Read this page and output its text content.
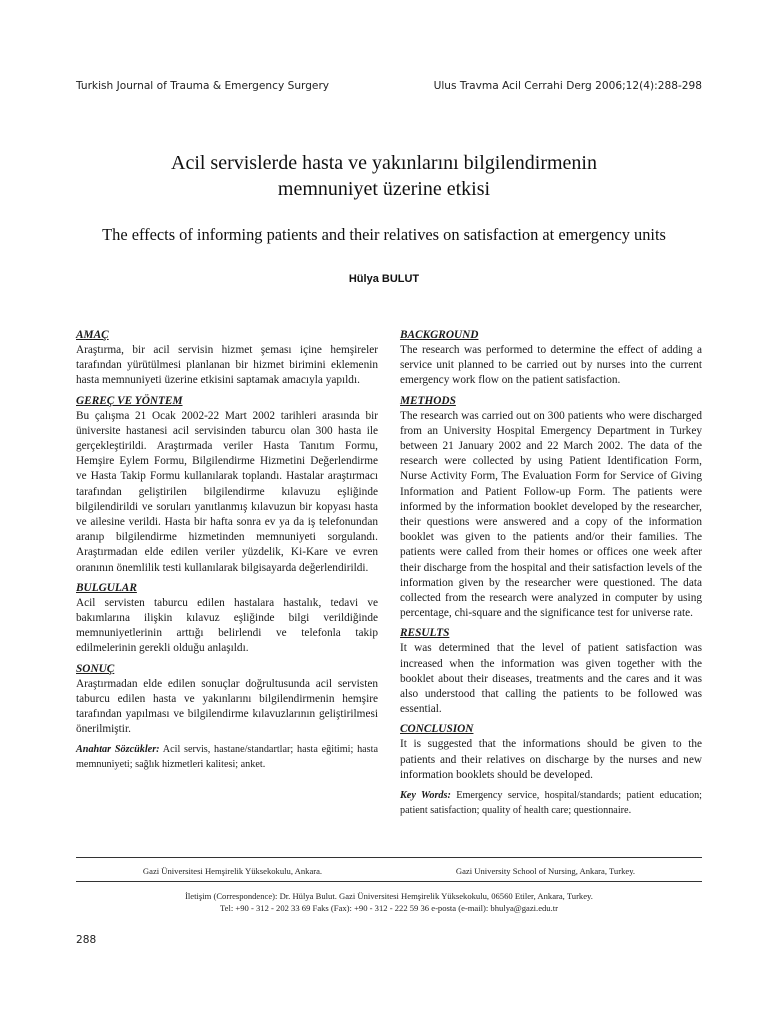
Turkish Journal of Trauma & Emergency Surgery	Ulus Travma Acil Cerrahi Derg 2006;12(4):288-298
Acil servislerde hasta ve yakınlarını bilgilendirmenin
memnuniyet üzerine etkisi
The effects of informing patients and their relatives on satisfaction at emergency units
Hülya BULUT

AMAÇ

Araştırma, bir acil servisin hizmet şeması içine hemşireler tarafından yürütülmesi planlanan bir hizmet birimini eklemenin hasta memnuniyeti üzerine etkisini saptamak amacıyla yapıldı.

GEREÇ VE YÖNTEM

Bu çalışma 21 Ocak 2002-22 Mart 2002 tarihleri arasında bir üniversite hastanesi acil servisinden taburcu olan 300 hasta ile gerçekleştirildi. Araştırmada veriler Hasta Tanıtım Formu, Hemşire Eylem Formu, Bilgilendirme Hizmetini Değerlendirme ve Hasta Takip Formu kullanılarak toplandı. Hastalar araştırmacı tarafından geliştirilen bilgilendirme kılavuzu eşliğinde bilgilendirildi ve soruları yanıtlanmış kılavuzun bir kopyası hasta ve ailesine verildi. Hasta bir hafta sonra ev ya da iş telefonundan aranıp bilgilendirme hizmetinden memnuniyeti sorgulandı. Araştırmadan elde edilen veriler yüzdelik, Ki-Kare ve evren oranının önemlilik testi kullanılarak bilgisayarda değerlendirildi.

BULGULAR

Acil servisten taburcu edilen hastalara hastalık, tedavi ve bakımlarına ilişkin kılavuz eşliğinde bilgi verildiğinde memnuniyetlerinin arttığı belirlendi ve telefonla takip edilmelerinin gerekli olduğu anlaşıldı.

SONUÇ

Araştırmadan elde edilen sonuçlar doğrultusunda acil servisten taburcu edilen hasta ve yakınlarını bilgilendirmenin hemşire tarafından yapılması ve bilgilendirme kılavuzlarının geliştirilmesi önerilmiştir.

Anahtar Sözcükler: Acil servis, hastane/standartlar; hasta eğitimi; hasta memnuniyeti; sağlık hizmetleri kalitesi; anket.

BACKGROUND

The research was performed to determine the effect of adding a service unit planned to be carried out by nurses into the current emergency work flow on the patient satisfaction.

METHODS

The research was carried out on 300 patients who were discharged from an University Hospital Emergency Department in Turkey between 21 January 2002 and 22 March 2002. The data of the research were collected by using Patient Identification Form, Nurse Activity Form, The Evaluation Form for Service of Giving Information and Patient Follow-up Form. The patients were informed by the information booklet developed by the researcher, their questions were answered and a copy of the information booklet was given to the patients and/or their families. The patients were called from their homes or offices one week after their discharge from the hospital and their satisfaction levels of the information given by the researcher were questioned. The data collected from the research were analyzed in computer by using percentage, chi-square and the significance test for universe rate.

RESULTS

It was determined that the level of patient satisfaction was increased when the information was given together with the booklet about their diseases, treatments and the cares and it was also understood that calling the patients to be followed was essential.

CONCLUSION

It is suggested that the informations should be given to the patients and their relatives on discharge by the nurses and new information booklets should be developed.

Key Words: Emergency service, hospital/standards; patient education; patient satisfaction; quality of health care; questionnaire.
Gazi Üniversitesi Hemşirelik Yüksekokulu, Ankara.	Gazi University School of Nursing, Ankara, Turkey.
İletişim (Correspondence): Dr. Hülya Bulut. Gazi Üniversitesi Hemşirelik Yüksekokulu, 06560 Etiler, Ankara, Turkey.
Tel: +90 - 312 - 202 33 69 Faks (Fax): +90 - 312 - 222 59 36 e-posta (e-mail): bhulya@gazi.edu.tr
288
